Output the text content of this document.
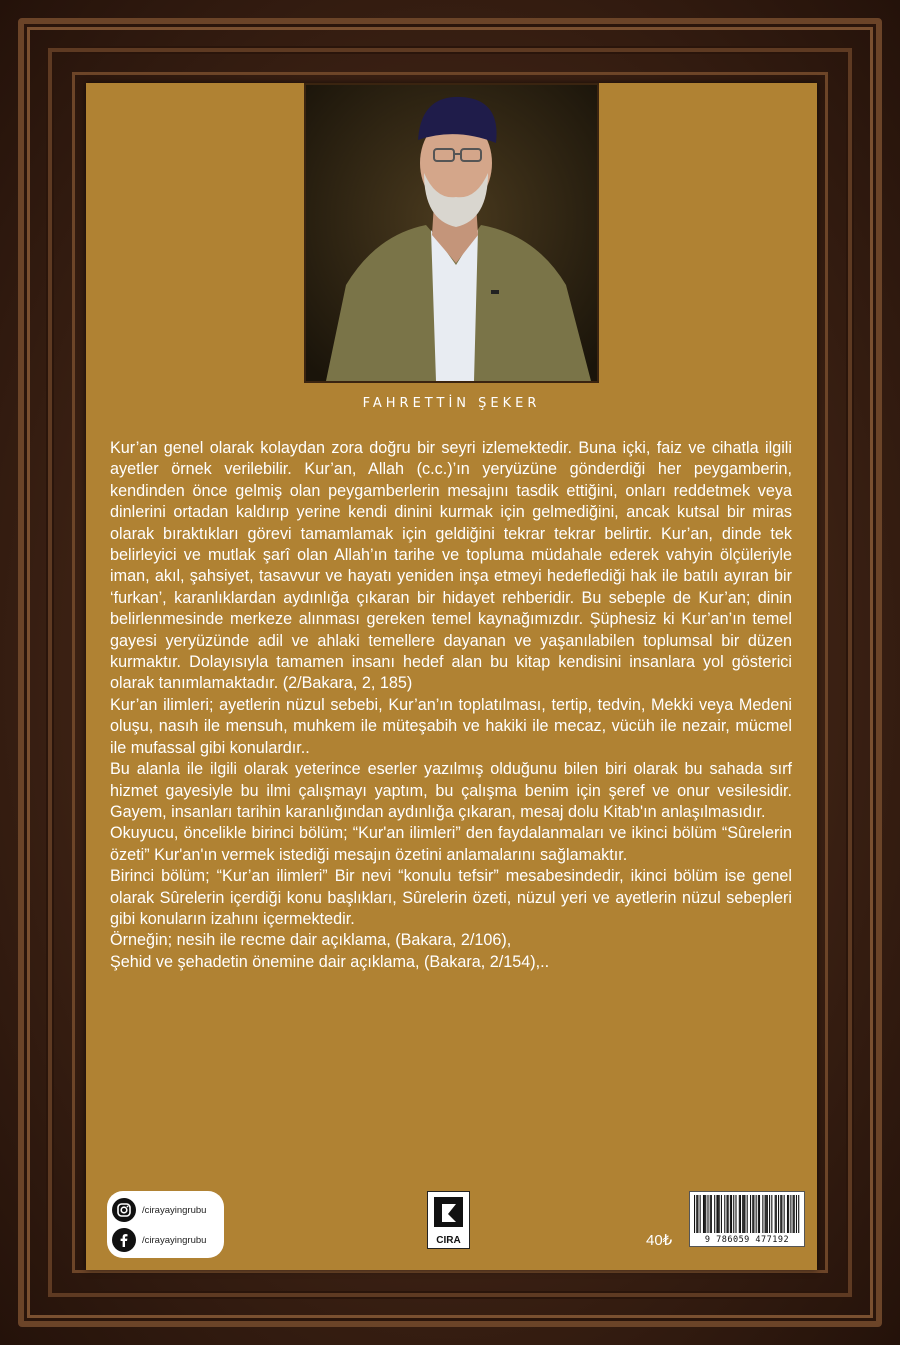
FAHRETTİN ŞEKER

Kur’an genel olarak kolaydan zora doğru bir seyri izlemektedir. Buna içki, faiz ve cihatla ilgili ayetler örnek verilebilir. Kur’an, Allah (c.c.)’ın yeryüzüne gönderdiği her peygamberin, kendinden önce gelmiş olan peygamberlerin mesajını tasdik ettiğini, onları reddetmek veya dinlerini ortadan kaldırıp yerine kendi dinini kurmak için gelmediğini, ancak kutsal bir miras olarak bıraktıkları görevi tamamlamak için geldiğini tekrar tekrar belirtir. Kur’an, dinde tek belirleyici ve mutlak şarî olan Allah’ın tarihe ve topluma müdahale ederek vahyin ölçüleriyle iman, akıl, şahsiyet, tasavvur ve hayatı yeniden inşa etmeyi hedeflediği hak ile batılı ayıran bir ‘furkan’, karanlıklardan aydınlığa çıkaran bir hidayet rehberidir. Bu sebeple de Kur’an; dinin belirlenmesinde merkeze alınması gereken temel kaynağımızdır. Şüphesiz ki Kur’an’ın temel gayesi yeryüzünde adil ve ahlaki temellere dayanan ve yaşanılabilen toplumsal bir düzen kurmaktır. Dolayısıyla tamamen insanı hedef alan bu kitap kendisini insanlara yol gösterici olarak tanımlamaktadır. (2/Bakara, 2, 185)

Kur’an ilimleri; ayetlerin nüzul sebebi, Kur’an’ın toplatılması, tertip, tedvin, Mekki veya Medeni oluşu, nasıh ile mensuh, muhkem ile müteşabih ve hakiki ile mecaz, vücüh ile nezair, mücmel ile mufassal gibi konulardır..

Bu alanla ile ilgili olarak yeterince eserler yazılmış olduğunu bilen biri olarak bu sahada sırf hizmet gayesiyle bu ilmi çalışmayı yaptım, bu çalışma benim için şeref ve onur vesilesidir. Gayem, insanları tarihin karanlığından aydınlığa çıkaran, mesaj dolu Kitab'ın anlaşılmasıdır.

Okuyucu, öncelikle birinci bölüm; “Kur'an ilimleri” den faydalanmaları ve ikinci bölüm “Sûrelerin özeti” Kur'an'ın vermek istediği mesajın özetini anlamalarını sağlamaktır.

Birinci bölüm; “Kur’an ilimleri” Bir nevi “konulu tefsir” mesabesindedir, ikinci bölüm ise genel olarak Sûrelerin içerdiği konu başlıkları, Sûrelerin özeti, nüzul yeri ve ayetlerin nüzul sebepleri gibi konuların izahını içermektedir.

Örneğin; nesih ile recme dair açıklama, (Bakara, 2/106),

Şehid ve şehadetin önemine dair açıklama, (Bakara, 2/154),..

/cirayayingrubu
/cirayayingrubu	CIRA	40₺	9 786059 477192
